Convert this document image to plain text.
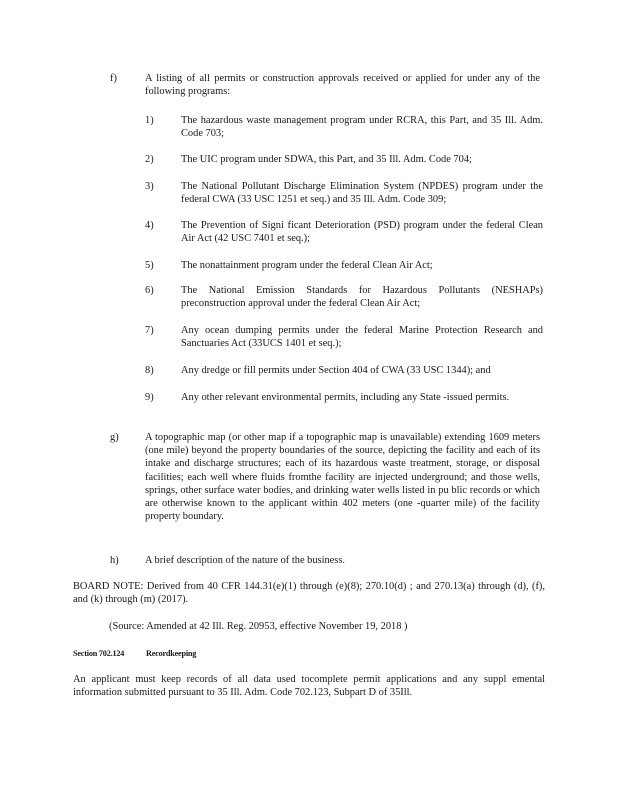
f)	A listing of all permits or construction approvals received or applied for under any of the following programs:
1)	The hazardous waste management program under RCRA, this Part, and 35 Ill. Adm. Code 703;
2)	The UIC program under SDWA, this Part, and 35 Ill. Adm. Code 704;
3)	The National Pollutant Discharge Elimination System (NPDES) program under the federal CWA (33 USC 1251 et seq.) and 35 Ill. Adm. Code 309;
4)	The Prevention of Signi ficant Deterioration (PSD) program under the federal Clean Air Act (42 USC 7401 et seq.);
5)	The nonattainment program under the federal Clean Air Act;
6)	The National Emission Standards for Hazardous Pollutants (NESHAPs) preconstruction approval under the federal Clean Air Act;
7)	Any ocean dumping permits under the federal Marine Protection Research and Sanctuaries Act (33UCS 1401 et seq.);
8)	Any dredge or fill permits under Section 404 of CWA (33 USC 1344); and
9)	Any other relevant environmental permits, including any State -issued permits.
g)	A topographic map (or other map if a topographic map is unavailable) extending 1609 meters (one mile) beyond the property boundaries of the source, depicting the facility and each of its intake and discharge structures; each of its hazardous waste treatment, storage, or disposal facilities; each well where fluids fromthe facility are injected underground; and those wells, springs, other surface water bodies, and drinking water wells listed in pu blic records or which are otherwise known to the applicant within 402 meters (one -quarter mile) of the facility property boundary.
h)	A brief description of the nature of the business.
BOARD NOTE: Derived from 40 CFR 144.31(e)(1) through (e)(8); 270.10(d) ; and 270.13(a) through (d), (f), and (k) through (m) (2017).
(Source: Amended at 42 Ill. Reg. 20953, effective November 19, 2018 )
Section 702.124	Recordkeeping
An applicant must keep records of all data used tocomplete permit applications and any suppl emental information submitted pursuant to 35 Ill. Adm. Code 702.123, Subpart D of 35Ill.
